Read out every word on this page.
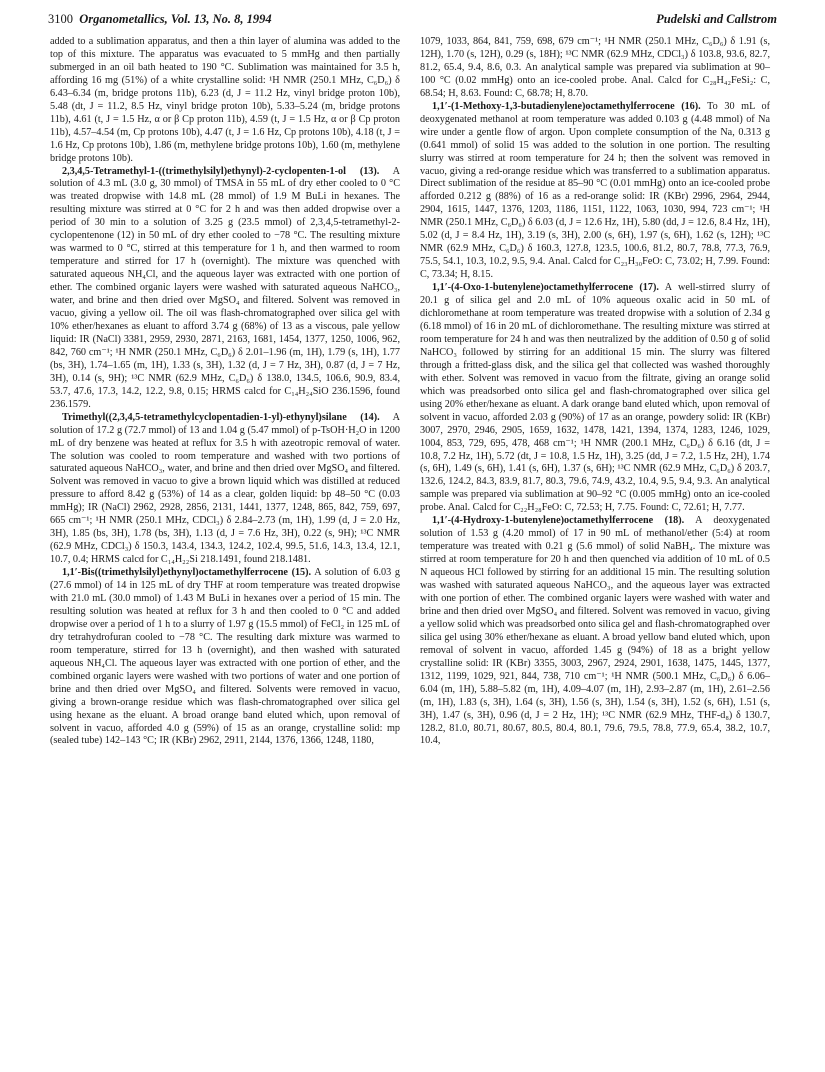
3100 Organometallics, Vol. 13, No. 8, 1994	Pudelski and Callstrom

added to a sublimation apparatus, and then a thin layer of alumina was added to the top of this mixture. The apparatus was evacuated to 5 mmHg and then partially submerged in an oil bath heated to 190 °C. Sublimation was maintained for 3.5 h, affording 16 mg (51%) of a white crystalline solid: ¹H NMR (250.1 MHz, C₆D₆) δ 6.43–6.34 (m, bridge protons 11b), 6.23 (d, J = 11.2 Hz, vinyl bridge proton 10b), 5.48 (dt, J = 11.2, 8.5 Hz, vinyl bridge proton 10b), 5.33–5.24 (m, bridge protons 11b), 4.61 (t, J = 1.5 Hz, α or β Cp proton 11b), 4.59 (t, J = 1.5 Hz, α or β Cp proton 11b), 4.57–4.54 (m, Cp protons 10b), 4.47 (t, J = 1.6 Hz, Cp protons 10b), 4.18 (t, J = 1.6 Hz, Cp protons 10b), 1.86 (m, methylene bridge protons 10b), 1.60 (m, methylene bridge protons 10b).

2,3,4,5-Tetramethyl-1-((trimethylsilyl)ethynyl)-2-cyclopenten-1-ol (13). A solution of 4.3 mL (3.0 g, 30 mmol) of TMSA in 55 mL of dry ether cooled to 0 °C was treated dropwise with 14.8 mL (28 mmol) of 1.9 M BuLi in hexanes. The resulting mixture was stirred at 0 °C for 2 h and was then added dropwise over a period of 30 min to a solution of 3.25 g (23.5 mmol) of 2,3,4,5-tetramethyl-2-cyclopentenone (12) in 50 mL of dry ether cooled to −78 °C. The resulting mixture was warmed to 0 °C, stirred at this temperature for 1 h, and then warmed to room temperature and stirred for 17 h (overnight). The mixture was quenched with saturated aqueous NH₄Cl, and the aqueous layer was extracted with one portion of ether. The combined organic layers were washed with saturated aqueous NaHCO₃, water, and brine and then dried over MgSO₄ and filtered. Solvent was removed in vacuo, giving a yellow oil. The oil was flash-chromatographed over silica gel with 10% ether/hexanes as eluant to afford 3.74 g (68%) of 13 as a viscous, pale yellow liquid: IR (NaCl) 3381, 2959, 2930, 2871, 2163, 1681, 1454, 1377, 1250, 1006, 962, 842, 760 cm⁻¹; ¹H NMR (250.1 MHz, C₆D₆) δ 2.01–1.96 (m, 1H), 1.79 (s, 1H), 1.77 (bs, 3H), 1.74–1.65 (m, 1H), 1.33 (s, 3H), 1.32 (d, J = 7 Hz, 3H), 0.87 (d, J = 7 Hz, 3H), 0.14 (s, 9H); ¹³C NMR (62.9 MHz, C₆D₆) δ 138.0, 134.5, 106.6, 90.9, 83.4, 53.7, 47.6, 17.3, 14.2, 12.2, 9.8, 0.15; HRMS calcd for C₁₄H₂₄SiO 236.1596, found 236.1579.

Trimethyl((2,3,4,5-tetramethylcyclopentadien-1-yl)-ethynyl)silane (14). A solution of 17.2 g (72.7 mmol) of 13 and 1.04 g (5.47 mmol) of p-TsOH·H₂O in 1200 mL of dry benzene was heated at reflux for 3.5 h with azeotropic removal of water. The solution was cooled to room temperature and washed with two portions of saturated aqueous NaHCO₃, water, and brine and then dried over MgSO₄ and filtered. Solvent was removed in vacuo to give a brown liquid which was distilled at reduced pressure to afford 8.42 g (53%) of 14 as a clear, golden liquid: bp 48–50 °C (0.03 mmHg); IR (NaCl) 2962, 2928, 2856, 2131, 1441, 1377, 1248, 865, 842, 759, 697, 665 cm⁻¹; ¹H NMR (250.1 MHz, CDCl₃) δ 2.84–2.73 (m, 1H), 1.99 (d, J = 2.0 Hz, 3H), 1.85 (bs, 3H), 1.78 (bs, 3H), 1.13 (d, J = 7.6 Hz, 3H), 0.22 (s, 9H); ¹³C NMR (62.9 MHz, CDCl₃) δ 150.3, 143.4, 134.3, 124.2, 102.4, 99.5, 51.6, 14.3, 13.4, 12.1, 10.7, 0.4; HRMS calcd for C₁₄H₂₂Si 218.1491, found 218.1481.

1,1′-Bis((trimethylsilyl)ethynyl)octamethylferrocene (15). A solution of 6.03 g (27.6 mmol) of 14 in 125 mL of dry THF at room temperature was treated dropwise with 21.0 mL (30.0 mmol) of 1.43 M BuLi in hexanes over a period of 15 min. The resulting solution was heated at reflux for 3 h and then cooled to 0 °C and added dropwise over a period of 1 h to a slurry of 1.97 g (15.5 mmol) of FeCl₂ in 125 mL of dry tetrahydrofuran cooled to −78 °C. The resulting dark mixture was warmed to room temperature, stirred for 13 h (overnight), and then washed with saturated aqueous NH₄Cl. The aqueous layer was extracted with one portion of ether, and the combined organic layers were washed with two portions of water and one portion of brine and then dried over MgSO₄ and filtered. Solvents were removed in vacuo, giving a brown-orange residue which was flash-chromatographed over silica gel using hexane as the eluant. A broad orange band eluted which, upon removal of solvent in vacuo, afforded 4.0 g (59%) of 15 as an orange, crystalline solid: mp (sealed tube) 142–143 °C; IR (KBr) 2962, 2911, 2144, 1376, 1366, 1248, 1180,

1079, 1033, 864, 841, 759, 698, 679 cm⁻¹; ¹H NMR (250.1 MHz, C₆D₆) δ 1.91 (s, 12H), 1.70 (s, 12H), 0.29 (s, 18H); ¹³C NMR (62.9 MHz, CDCl₃) δ 103.8, 93.6, 82.7, 81.2, 65.4, 9.4, 8.6, 0.3. An analytical sample was prepared via sublimation at 90–100 °C (0.02 mmHg) onto an ice-cooled probe. Anal. Calcd for C₂₈H₄₂FeSi₂: C, 68.54; H, 8.63. Found: C, 68.78; H, 8.70.

1,1′-(1-Methoxy-1,3-butadienylene)octamethylferrocene (16). To 30 mL of deoxygenated methanol at room temperature was added 0.103 g (4.48 mmol) of Na wire under a gentle flow of argon. Upon complete consumption of the Na, 0.313 g (0.641 mmol) of solid 15 was added to the solution in one portion. The resulting slurry was stirred at room temperature for 24 h; then the solvent was removed in vacuo, giving a red-orange residue which was transferred to a sublimation apparatus. Direct sublimation of the residue at 85–90 °C (0.01 mmHg) onto an ice-cooled probe afforded 0.212 g (88%) of 16 as a red-orange solid: IR (KBr) 2996, 2964, 2944, 2904, 1615, 1447, 1376, 1203, 1186, 1151, 1122, 1063, 1030, 994, 723 cm⁻¹; ¹H NMR (250.1 MHz, C₆D₆) δ 6.03 (d, J = 12.6 Hz, 1H), 5.80 (dd, J = 12.6, 8.4 Hz, 1H), 5.02 (d, J = 8.4 Hz, 1H), 3.19 (s, 3H), 2.00 (s, 6H), 1.97 (s, 6H), 1.62 (s, 12H); ¹³C NMR (62.9 MHz, C₆D₆) δ 160.3, 127.8, 123.5, 100.6, 81.2, 80.7, 78.8, 77.3, 76.9, 75.5, 54.1, 10.3, 10.2, 9.5, 9.4. Anal. Calcd for C₂₃H₃₀FeO: C, 73.02; H, 7.99. Found: C, 73.34; H, 8.15.

1,1′-(4-Oxo-1-butenylene)octamethylferrocene (17). A well-stirred slurry of 20.1 g of silica gel and 2.0 mL of 10% aqueous oxalic acid in 50 mL of dichloromethane at room temperature was treated dropwise with a solution of 2.34 g (6.18 mmol) of 16 in 20 mL of dichloromethane. The resulting mixture was stirred at room temperature for 24 h and was then neutralized by the addition of 0.50 g of solid NaHCO₃ followed by stirring for an additional 15 min. The slurry was filtered through a fritted-glass disk, and the silica gel that collected was washed thoroughly with ether. Solvent was removed in vacuo from the filtrate, giving an orange solid which was preadsorbed onto silica gel and flash-chromatographed over silica gel using 20% ether/hexane as eluant. A dark orange band eluted which, upon removal of solvent in vacuo, afforded 2.03 g (90%) of 17 as an orange, powdery solid: IR (KBr) 3007, 2970, 2946, 2905, 1659, 1632, 1478, 1421, 1394, 1374, 1283, 1246, 1029, 1004, 853, 729, 695, 478, 468 cm⁻¹; ¹H NMR (200.1 MHz, C₆D₆) δ 6.16 (dt, J = 10.8, 7.2 Hz, 1H), 5.72 (dt, J = 10.8, 1.5 Hz, 1H), 3.25 (dd, J = 7.2, 1.5 Hz, 2H), 1.74 (s, 6H), 1.49 (s, 6H), 1.41 (s, 6H), 1.37 (s, 6H); ¹³C NMR (62.9 MHz, C₆D₆) δ 203.7, 132.6, 124.2, 84.3, 83.9, 81.7, 80.3, 79.6, 74.9, 43.2, 10.4, 9.5, 9.4, 9.3. An analytical sample was prepared via sublimation at 90–92 °C (0.005 mmHg) onto an ice-cooled probe. Anal. Calcd for C₂₂H₂₈FeO: C, 72.53; H, 7.75. Found: C, 72.61; H, 7.77.

1,1′-(4-Hydroxy-1-butenylene)octamethylferrocene (18). A deoxygenated solution of 1.53 g (4.20 mmol) of 17 in 90 mL of methanol/ether (5:4) at room temperature was treated with 0.21 g (5.6 mmol) of solid NaBH₄. The mixture was stirred at room temperature for 20 h and then quenched via addition of 10 mL of 0.5 N aqueous HCl followed by stirring for an additional 15 min. The resulting solution was washed with saturated aqueous NaHCO₃, and the aqueous layer was extracted with one portion of ether. The combined organic layers were washed with water and brine and then dried over MgSO₄ and filtered. Solvent was removed in vacuo, giving a yellow solid which was preadsorbed onto silica gel and flash-chromatographed over silica gel using 30% ether/hexane as eluant. A broad yellow band eluted which, upon removal of solvent in vacuo, afforded 1.45 g (94%) of 18 as a bright yellow crystalline solid: IR (KBr) 3355, 3003, 2967, 2924, 2901, 1638, 1475, 1445, 1377, 1312, 1199, 1029, 921, 844, 738, 710 cm⁻¹; ¹H NMR (500.1 MHz, C₆D₆) δ 6.06–6.04 (m, 1H), 5.88–5.82 (m, 1H), 4.09–4.07 (m, 1H), 2.93–2.87 (m, 1H), 2.61–2.56 (m, 1H), 1.83 (s, 3H), 1.64 (s, 3H), 1.56 (s, 3H), 1.54 (s, 3H), 1.52 (s, 6H), 1.51 (s, 3H), 1.47 (s, 3H), 0.96 (d, J = 2 Hz, 1H); ¹³C NMR (62.9 MHz, THF-d₈) δ 130.7, 128.2, 81.0, 80.71, 80.67, 80.5, 80.4, 80.1, 79.6, 79.5, 78.8, 77.9, 65.4, 38.2, 10.7, 10.4,
